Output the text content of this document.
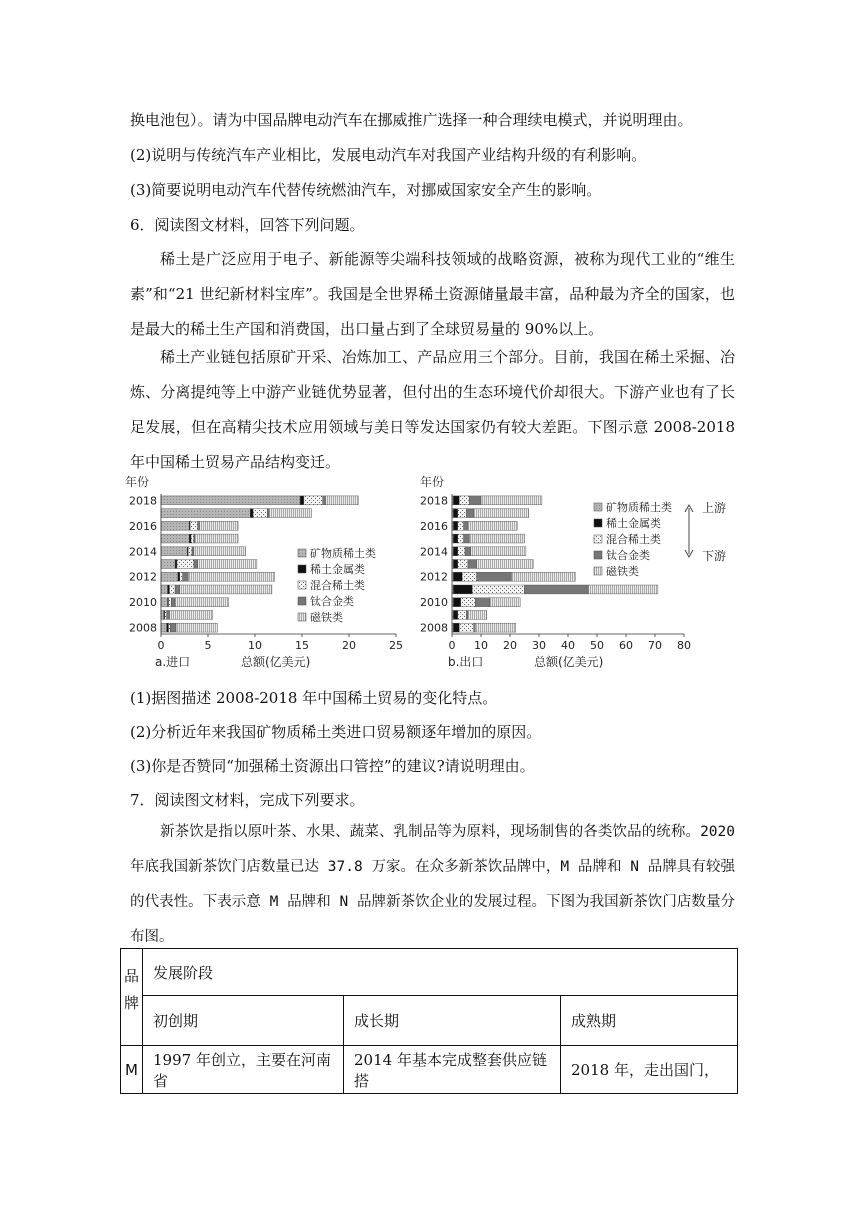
换电池包）。请为中国品牌电动汽车在挪威推广选择一种合理续电模式，并说明理由。
(2)说明与传统汽车产业相比，发展电动汽车对我国产业结构升级的有利影响。
(3)简要说明电动汽车代替传统燃油汽车，对挪威国家安全产生的影响。
6．阅读图文材料，回答下列问题。
稀土是广泛应用于电子、新能源等尖端科技领域的战略资源，被称为现代工业的“维生素”和“21 世纪新材料宝库”。我国是全世界稀土资源储量最丰富，品种最为齐全的国家，也是最大的稀土生产国和消费国，出口量占到了全球贸易量的 90%以上。
稀土产业链包括原矿开采、冶炼加工、产品应用三个部分。目前，我国在稀土采掘、冶炼、分离提纯等上中游产业链优势显著，但付出的生态环境代价却很大。下游产业也有了长足发展，但在高精尖技术应用领域与美日等发达国家仍有较大差距。下图示意 2008-2018 年中国稀土贸易产品结构变迁。
年份
2008
2010
2012
2014
2016
2018
0	5	10	15	20	25
a.进口	总额(亿美元)
矿物质稀土类
稀土金属类
混合稀土类
钛合金类
磁铁类
年份
2008
2010
2012
2014
2016
2018
0 10 20 30 40 50 60 70 80
b.出口	总额(亿美元)
矿物质稀土类
稀土金属类
混合稀土类
钛合金类
磁铁类
上游
下游
(1)据图描述 2008-2018 年中国稀土贸易的变化特点。
(2)分析近年来我国矿物质稀土类进口贸易额逐年增加的原因。
(3)你是否赞同“加强稀土资源出口管控”的建议?请说明理由。
7．阅读图文材料，完成下列要求。
新茶饮是指以原叶茶、水果、蔬菜、乳制品等为原料，现场制售的各类饮品的统称。2020 年底我国新茶饮门店数量已达 37.8 万家。在众多新茶饮品牌中，M 品牌和 N 品牌具有较强的代表性。下表示意 M 品牌和 N 品牌新茶饮企业的发展过程。下图为我国新茶饮门店数量分布图。
品牌	发展阶段		
	初创期	成长期	成熟期
M	1997 年创立，主要在河南省	2014 年基本完成整套供应链搭	2018 年，走出国门，
